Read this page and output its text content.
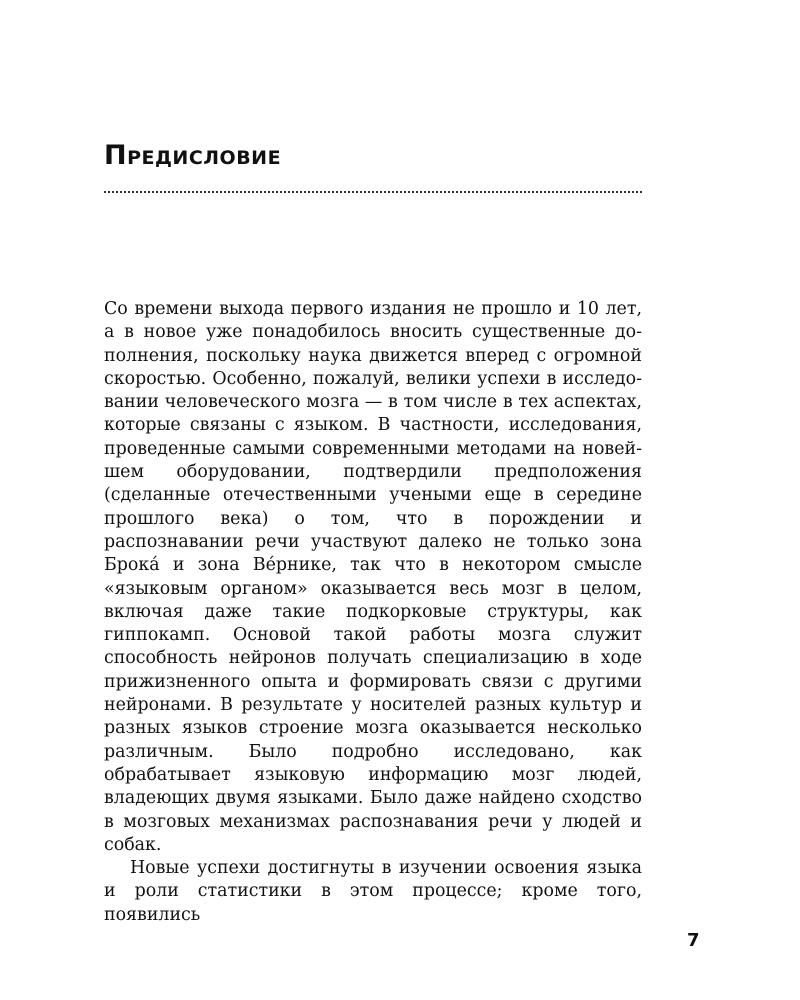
Предисловие

Со времени выхода первого издания не прошло и 10 лет, а в новое уже понадобилось вносить существенные дополнения, поскольку наука движется вперед с огромной скоростью. Особенно, пожалуй, велики успехи в исследовании человеческого мозга — в том числе в тех аспектах, которые связаны с языком. В частности, исследования, проведенные самыми современными методами на новейшем оборудовании, подтвердили предположения (сделанные отечественными учеными еще в середине прошлого века) о том, что в порождении и распознавании речи участвуют далеко не только зона Брока́ и зона Ве́рнике, так что в некотором смысле «языковым органом» оказывается весь мозг в целом, включая даже такие подкорковые структуры, как гиппокамп. Основой такой работы мозга служит способность нейронов получать специализацию в ходе прижизненного опыта и формировать связи с другими нейронами. В результате у носителей разных культур и разных языков строение мозга оказывается несколько различным. Было подробно исследовано, как обрабатывает языковую информацию мозг людей, владеющих двумя языками. Было даже найдено сходство в мозговых механизмах распознавания речи у людей и собак.

Новые успехи достигнуты в изучении освоения языка и роли статистики в этом процессе; кроме того, появились

7
